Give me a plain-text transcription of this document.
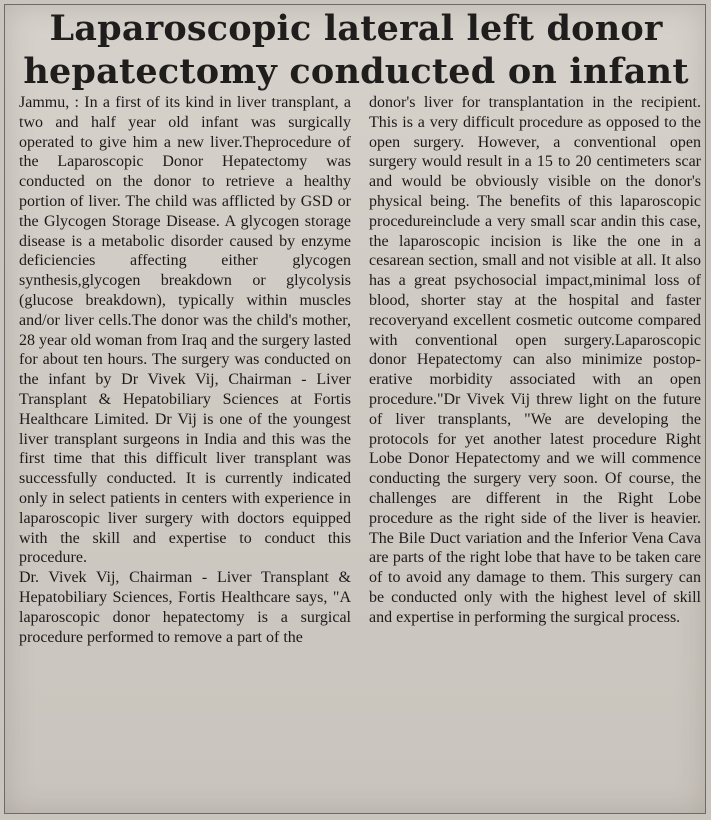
Laparoscopic lateral left donor
hepatectomy conducted on infant

Jammu, : In a first of its kind in liver transplant, a two and half year old infant was surgically operated to give him a new liver.Theprocedure of the Laparoscopic Donor Hepatectomy was conducted on the donor to retrieve a healthy portion of liver. The child was afflicted by GSD or the Glycogen Storage Disease. A glycogen storage disease is a metabolic disorder caused by enzyme deficiencies affecting either glycogen synthesis,glycogen breakdown or glycolysis (glucose breakdown), typically within muscles and/or liver cells.The donor was the child's mother, 28 year old woman from Iraq and the surgery lasted for about ten hours. The surgery was conducted on the infant by Dr Vivek Vij, Chairman - Liver Transplant & Hepatobiliary Sciences at Fortis Healthcare Limited. Dr Vij is one of the youngest liver transplant surgeons in India and this was the first time that this difficult liver transplant was successfully conducted. It is currently indicated only in select patients in centers with experience in laparoscopic liver surgery with doctors equipped with the skill and expertise to conduct this procedure.

Dr. Vivek Vij, Chairman - Liver Transplant & Hepatobiliary Sciences, Fortis Healthcare says, "A laparoscopic donor hepatectomy is a surgical procedure performed to remove a part of the

donor's liver for transplantation in the recipient. This is a very difficult procedure as opposed to the open surgery. However, a conventional open surgery would result in a 15 to 20 centimeters scar and would be obviously visible on the donor's physical being. The benefits of this laparoscopic procedureinclude a very small scar andin this case, the laparoscopic incision is like the one in a cesarean section, small and not visible at all. It also has a great psychosocial impact,minimal loss of blood, shorter stay at the hospital and faster recoveryand excellent cosmetic outcome compared with conventional open surgery.Laparoscopic donor Hepatectomy can also minimize postoperative morbidity associated with an open procedure."Dr Vivek Vij threw light on the future of liver transplants, "We are developing the protocols for yet another latest procedure Right Lobe Donor Hepatectomy and we will commence conducting the surgery very soon. Of course, the challenges are different in the Right Lobe procedure as the right side of the liver is heavier. The Bile Duct variation and the Inferior Vena Cava are parts of the right lobe that have to be taken care of to avoid any damage to them. This surgery can be conducted only with the highest level of skill and expertise in performing the surgical process.
